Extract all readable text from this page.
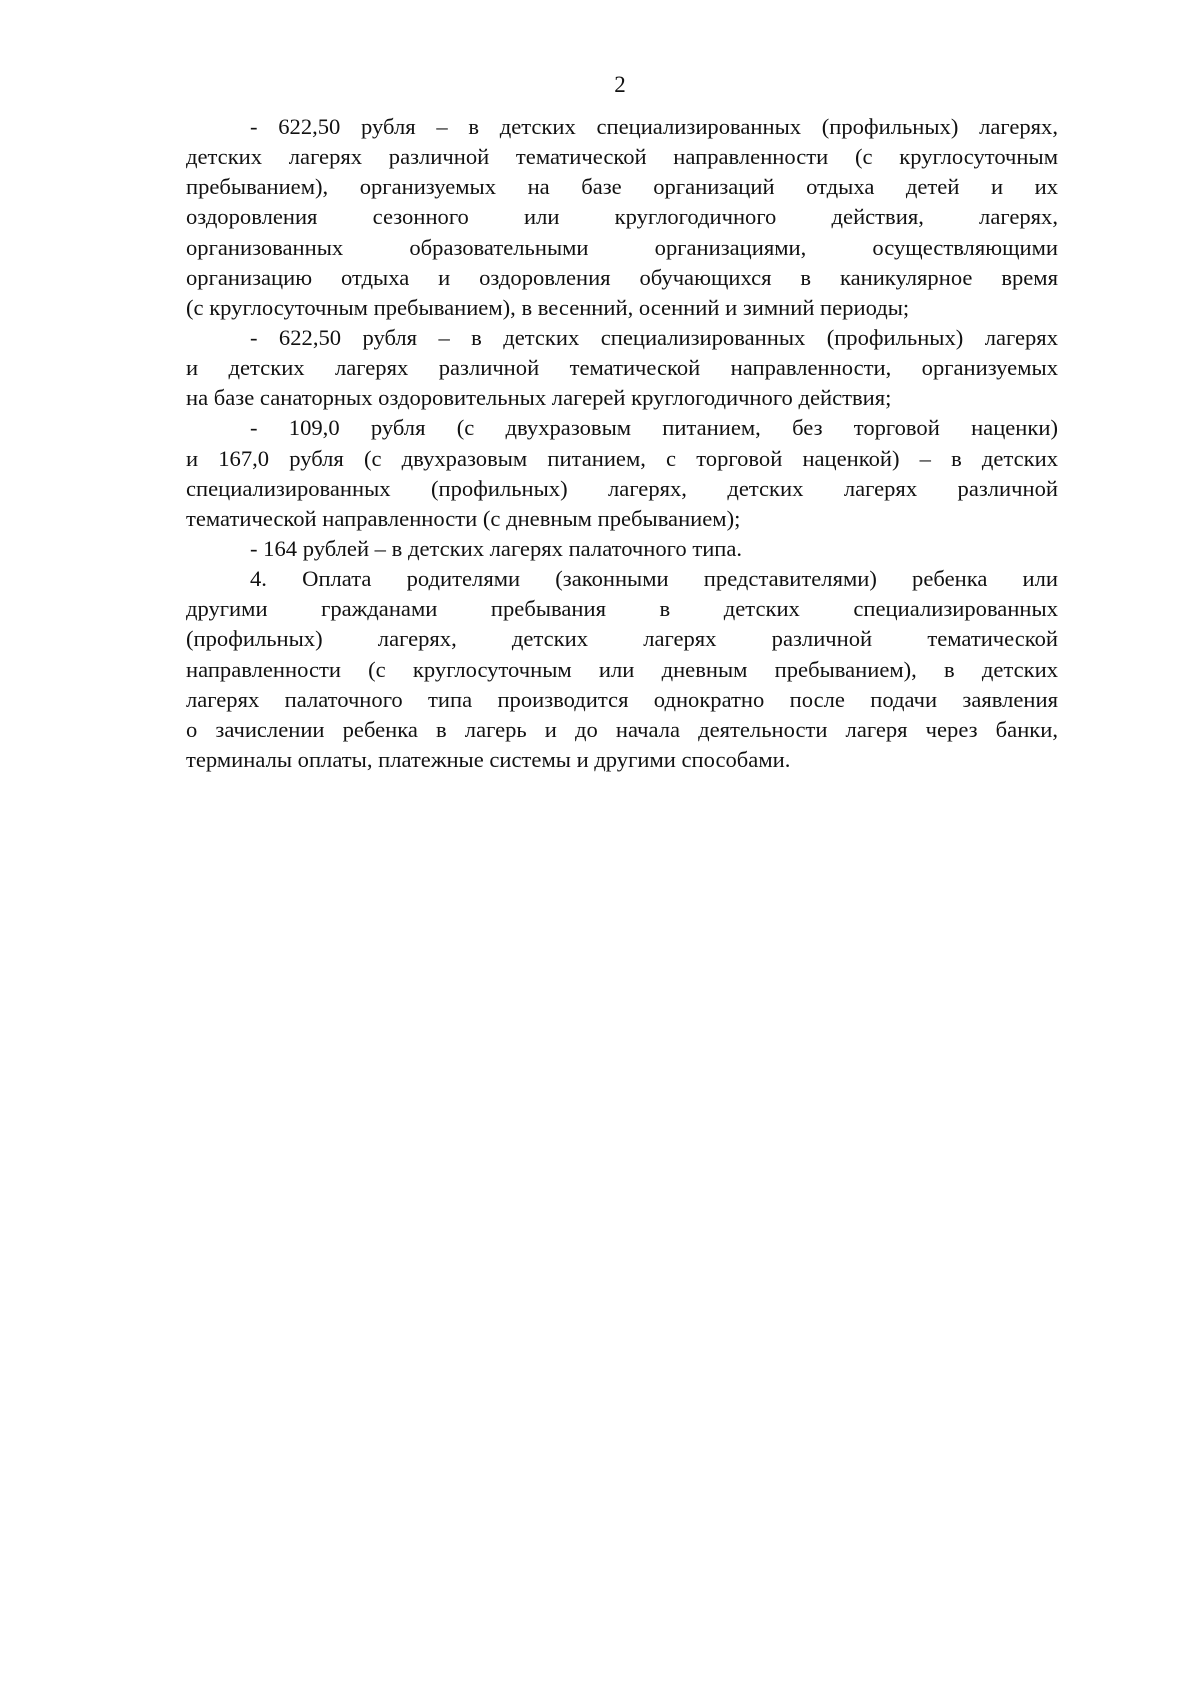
2
- 622,50 рубля – в детских специализированных (профильных) лагерях,
детских лагерях различной тематической направленности (с круглосуточным
пребыванием), организуемых на базе организаций отдыха детей и их
оздоровления сезонного или круглогодичного действия, лагерях,
организованных образовательными организациями, осуществляющими
организацию отдыха и оздоровления обучающихся в каникулярное время
(с круглосуточным пребыванием), в весенний, осенний и зимний периоды;
- 622,50 рубля – в детских специализированных (профильных) лагерях
и детских лагерях различной тематической направленности, организуемых
на базе санаторных оздоровительных лагерей круглогодичного действия;
- 109,0 рубля (с двухразовым питанием, без торговой наценки)
и 167,0 рубля (с двухразовым питанием, с торговой наценкой) – в детских
специализированных (профильных) лагерях, детских лагерях различной
тематической направленности (с дневным пребыванием);
- 164 рублей – в детских лагерях палаточного типа.
4. Оплата родителями (законными представителями) ребенка или
другими гражданами пребывания в детских специализированных
(профильных) лагерях, детских лагерях различной тематической
направленности (с круглосуточным или дневным пребыванием), в детских
лагерях палаточного типа производится однократно после подачи заявления
о зачислении ребенка в лагерь и до начала деятельности лагеря через банки,
терминалы оплаты, платежные системы и другими способами.
